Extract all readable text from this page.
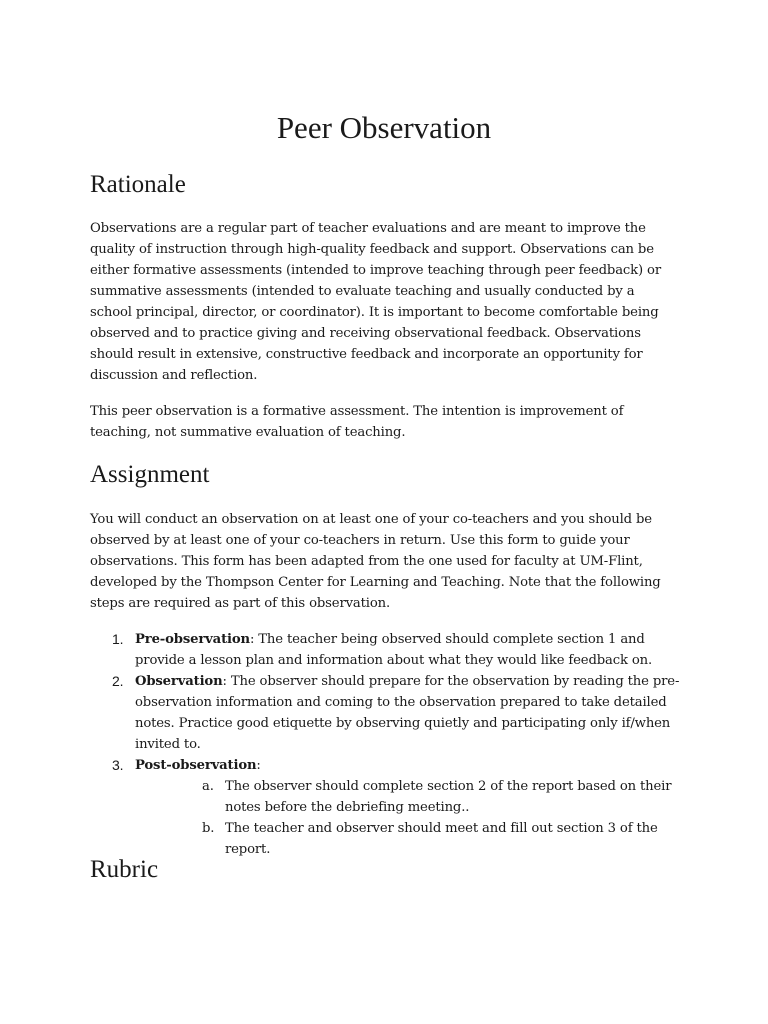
Peer Observation
Rationale

Observations are a regular part of teacher evaluations and are meant to improve the quality of instruction through high-quality feedback and support. Observations can be either formative assessments (intended to improve teaching through peer feedback) or summative assessments (intended to evaluate teaching and usually conducted by a school principal, director, or coordinator). It is important to become comfortable being observed and to practice giving and receiving observational feedback. Observations should result in extensive, constructive feedback and incorporate an opportunity for discussion and reflection.

This peer observation is a formative assessment. The intention is improvement of teaching, not summative evaluation of teaching.

Assignment

You will conduct an observation on at least one of your co-teachers and you should be observed by at least one of your co-teachers in return. Use this form to guide your observations. This form has been adapted from the one used for faculty at UM-Flint, developed by the Thompson Center for Learning and Teaching. Note that the following steps are required as part of this observation.

1. Pre-observation: The teacher being observed should complete section 1 and provide a lesson plan and information about what they would like feedback on.
2. Observation: The observer should prepare for the observation by reading the pre-observation information and coming to the observation prepared to take detailed notes. Practice good etiquette by observing quietly and participating only if/when invited to.
3. Post-observation:
a. The observer should complete section 2 of the report based on their notes before the debriefing meeting..
b. The teacher and observer should meet and fill out section 3 of the report.
Rubric
